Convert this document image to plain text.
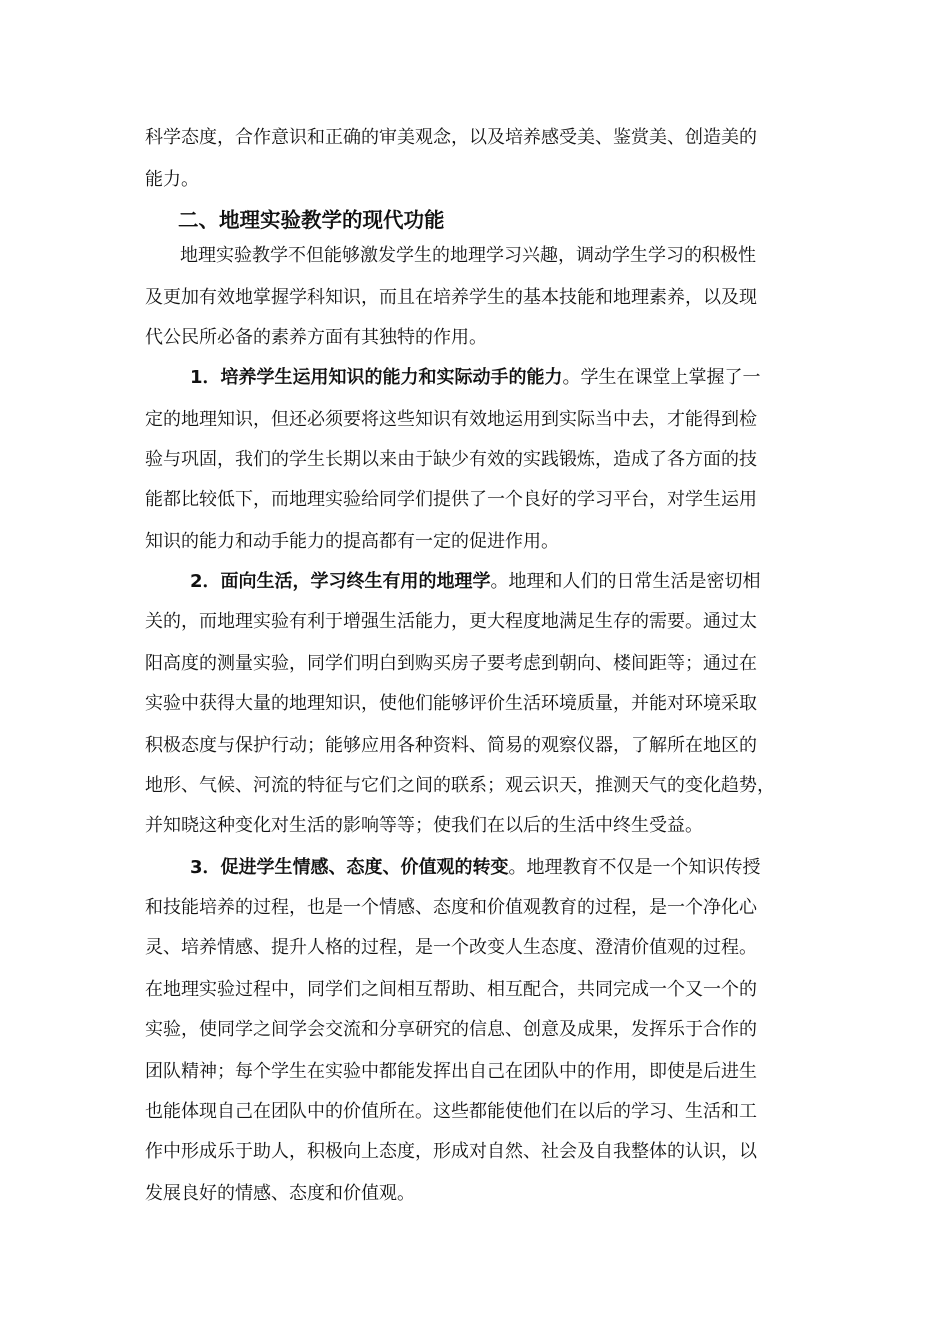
科学态度，合作意识和正确的审美观念，以及培养感受美、鉴赏美、创造美的
能力。
二、地理实验教学的现代功能
地理实验教学不但能够激发学生的地理学习兴趣，调动学生学习的积极性
及更加有效地掌握学科知识，而且在培养学生的基本技能和地理素养，以及现
代公民所必备的素养方面有其独特的作用。
1．培养学生运用知识的能力和实际动手的能力。学生在课堂上掌握了一
定的地理知识，但还必须要将这些知识有效地运用到实际当中去，才能得到检
验与巩固，我们的学生长期以来由于缺少有效的实践锻炼，造成了各方面的技
能都比较低下，而地理实验给同学们提供了一个良好的学习平台，对学生运用
知识的能力和动手能力的提高都有一定的促进作用。
2．面向生活，学习终生有用的地理学。地理和人们的日常生活是密切相
关的，而地理实验有利于增强生活能力，更大程度地满足生存的需要。通过太
阳高度的测量实验，同学们明白到购买房子要考虑到朝向、楼间距等；通过在
实验中获得大量的地理知识，使他们能够评价生活环境质量，并能对环境采取
积极态度与保护行动；能够应用各种资料、简易的观察仪器，了解所在地区的
地形、气候、河流的特征与它们之间的联系；观云识天，推测天气的变化趋势，
并知晓这种变化对生活的影响等等；使我们在以后的生活中终生受益。
3．促进学生情感、态度、价值观的转变。地理教育不仅是一个知识传授
和技能培养的过程，也是一个情感、态度和价值观教育的过程，是一个净化心
灵、培养情感、提升人格的过程，是一个改变人生态度、澄清价值观的过程。
在地理实验过程中，同学们之间相互帮助、相互配合，共同完成一个又一个的
实验，使同学之间学会交流和分享研究的信息、创意及成果，发挥乐于合作的
团队精神；每个学生在实验中都能发挥出自己在团队中的作用，即使是后进生
也能体现自己在团队中的价值所在。这些都能使他们在以后的学习、生活和工
作中形成乐于助人，积极向上态度，形成对自然、社会及自我整体的认识，以
发展良好的情感、态度和价值观。
